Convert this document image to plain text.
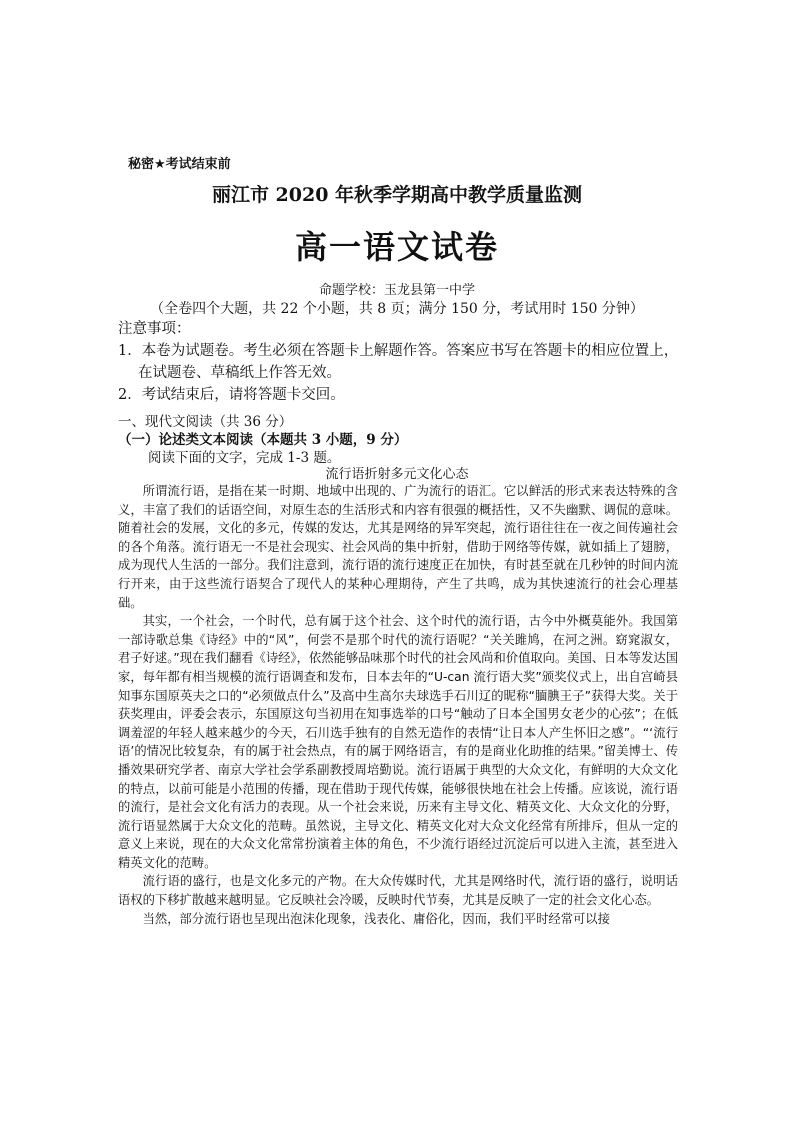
秘密★考试结束前
丽江市 2020 年秋季学期高中教学质量监测
高一语文试卷
命题学校：玉龙县第一中学
（全卷四个大题，共 22 个小题，共 8 页；满分 150 分，考试用时 150 分钟）

注意事项：

1．本卷为试题卷。考生必须在答题卡上解题作答。答案应书写在答题卡的相应位置上，在试题卷、草稿纸上作答无效。

2．考试结束后，请将答题卡交回。

一、现代文阅读（共 36 分）
（一）论述类文本阅读（本题共 3 小题，9 分）
阅读下面的文字，完成 1-3 题。
流行语折射多元文化心态

所谓流行语，是指在某一时期、地域中出现的、广为流行的语汇。它以鲜活的形式来表达特殊的含义，丰富了我们的话语空间，对原生态的生活形式和内容有很强的概括性，又不失幽默、调侃的意味。随着社会的发展，文化的多元，传媒的发达，尤其是网络的异军突起，流行语往往在一夜之间传遍社会的各个角落。流行语无一不是社会现实、社会风尚的集中折射，借助于网络等传媒，就如插上了翅膀，成为现代人生活的一部分。我们注意到，流行语的流行速度正在加快，有时甚至就在几秒钟的时间内流行开来，由于这些流行语契合了现代人的某种心理期待，产生了共鸣，成为其快速流行的社会心理基础。

其实，一个社会，一个时代，总有属于这个社会、这个时代的流行语，古今中外概莫能外。我国第一部诗歌总集《诗经》中的“风”，何尝不是那个时代的流行语呢？“关关雎鸠，在河之洲。窈窕淑女，君子好逑。”现在我们翻看《诗经》，依然能够品味那个时代的社会风尚和价值取向。美国、日本等发达国家，每年都有相当规模的流行语调查和发布，日本去年的“U-can 流行语大奖”颁奖仪式上，出自宫崎县知事东国原英夫之口的“必须做点什么”及高中生高尔夫球选手石川辽的昵称“腼腆王子”获得大奖。关于获奖理由，评委会表示，东国原这句当初用在知事选举的口号“触动了日本全国男女老少的心弦”；在低调羞涩的年轻人越来越少的今天，石川选手独有的自然无造作的表情“让日本人产生怀旧之感”。“‘流行语’的情况比较复杂，有的属于社会热点，有的属于网络语言，有的是商业化助推的结果。”留美博士、传播效果研究学者、南京大学社会学系副教授周培勤说。流行语属于典型的大众文化，有鲜明的大众文化的特点，以前可能是小范围的传播，现在借助于现代传媒，能够很快地在社会上传播。应该说，流行语的流行，是社会文化有活力的表现。从一个社会来说，历来有主导文化、精英文化、大众文化的分野，流行语显然属于大众文化的范畴。虽然说，主导文化、精英文化对大众文化经常有所排斥，但从一定的意义上来说，现在的大众文化常常扮演着主体的角色，不少流行语经过沉淀后可以进入主流，甚至进入精英文化的范畴。

流行语的盛行，也是文化多元的产物。在大众传媒时代，尤其是网络时代，流行语的盛行，说明话语权的下移扩散越来越明显。它反映社会冷暖，反映时代节奏，尤其是反映了一定的社会文化心态。

当然，部分流行语也呈现出泡沫化现象，浅表化、庸俗化，因而，我们平时经常可以接
